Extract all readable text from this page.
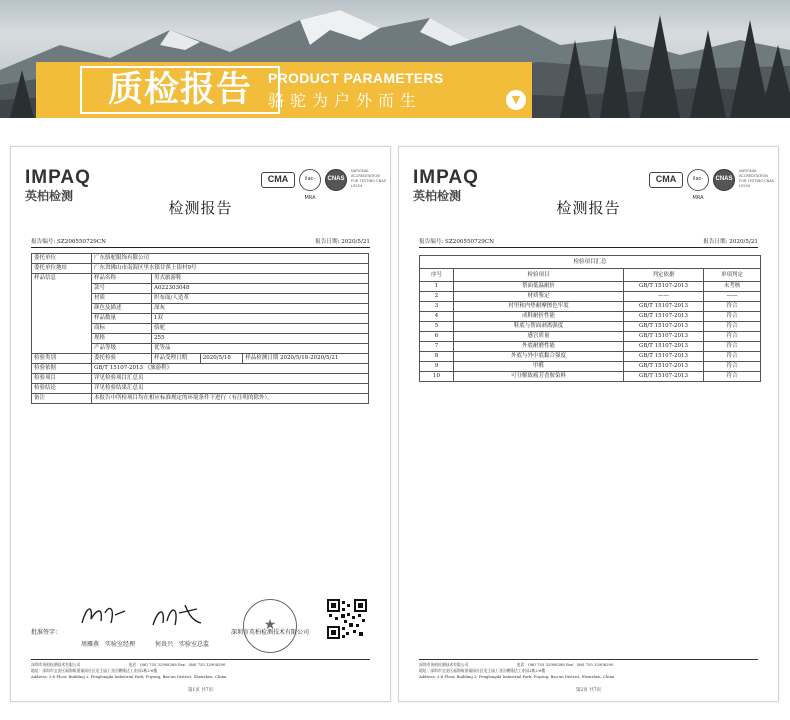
质检报告	PRODUCT PARAMETERS
骆驼为户外而生	▼
IMPAQ
英柏检测
CMA	ilac-MRA
CNAS
NATIONAL ACCREDITATION FOR TESTING CNAS L9254
检测报告
报告编号: SZ200550729CN	报告日期: 2020/5/21
委托单位	广东骆驼服饰有限公司			
委托单位地址	广东省佛山市南海区里水镇甘蕉上街村9号			
样品信息	样品名称	男式旅游鞋		
	款号	A022303048		
	材质	织布面/人造革		
	颜色及描述	深灰		
	样品数量	1双		
	商标	骆驼		
	规格	255		
	产品等级	优等品		
检验类别	委托检验	样品受理日期	2020/5/18	样品检测日期 2020/5/18-2020/5/21
检验依据	GB/T 15107-2013 《旅游鞋》			
检验项目	详见检验项目汇总页			
检验结论	详见检验结果汇总页			
备注	本报告中所检项目均在相应标准规定的环境条件下进行（有注明的除外）。			
批准签字：
周雁燕 实验室经理	何贵兴 实验室总监
★
深圳市英柏检测技术有限公司
深圳市英柏检测技术有限公司	电话：(86) 755 32908288 Fax：(86) 755 32908290
地址：深圳市宝安区福海街道福园社区龙王庙工业区鹏隆达工业园2栋2-6楼
Address: 2-6 Floor, Building 2, Penglongda Industrial Park, Fuyong, Bao'an District, Shenzhen, China
第1页 共7页
IMPAQ
英柏检测
CMA	ilac-MRA
CNAS
NATIONAL ACCREDITATION FOR TESTING CNAS L9254
检测报告
报告编号: SZ200550729CN	报告日期: 2020/5/21
检验项目汇总			
序号	检验项目	判定依据	单项判定
1	帮面低温耐折	GB/T 15107-2013	未考核
2	材质鉴定	——	——
3	衬里和内垫耐摩擦色牢度	GB/T 15107-2013	符合
4	成鞋耐折性能	GB/T 15107-2013	符合
5	鞋底与帮面剥离强度	GB/T 15107-2013	符合
6	感官质量	GB/T 15107-2013	符合
7	外底耐磨性能	GB/T 15107-2013	符合
8	外底与外中底黏合强度	GB/T 15107-2013	符合
9	甲醛	GB/T 15107-2013	符合
10	可分解致癌芳香胺染料	GB/T 15107-2013	符合
深圳市英柏检测技术有限公司	电话：(86) 755 32908288 Fax：(86) 755 32908290
地址：深圳市宝安区福海街道福园社区龙王庙工业区鹏隆达工业园2栋2-6楼
Address: 2-6 Floor, Building 2, Penglongda Industrial Park, Fuyong, Bao'an District, Shenzhen, China
第2页 共7页
